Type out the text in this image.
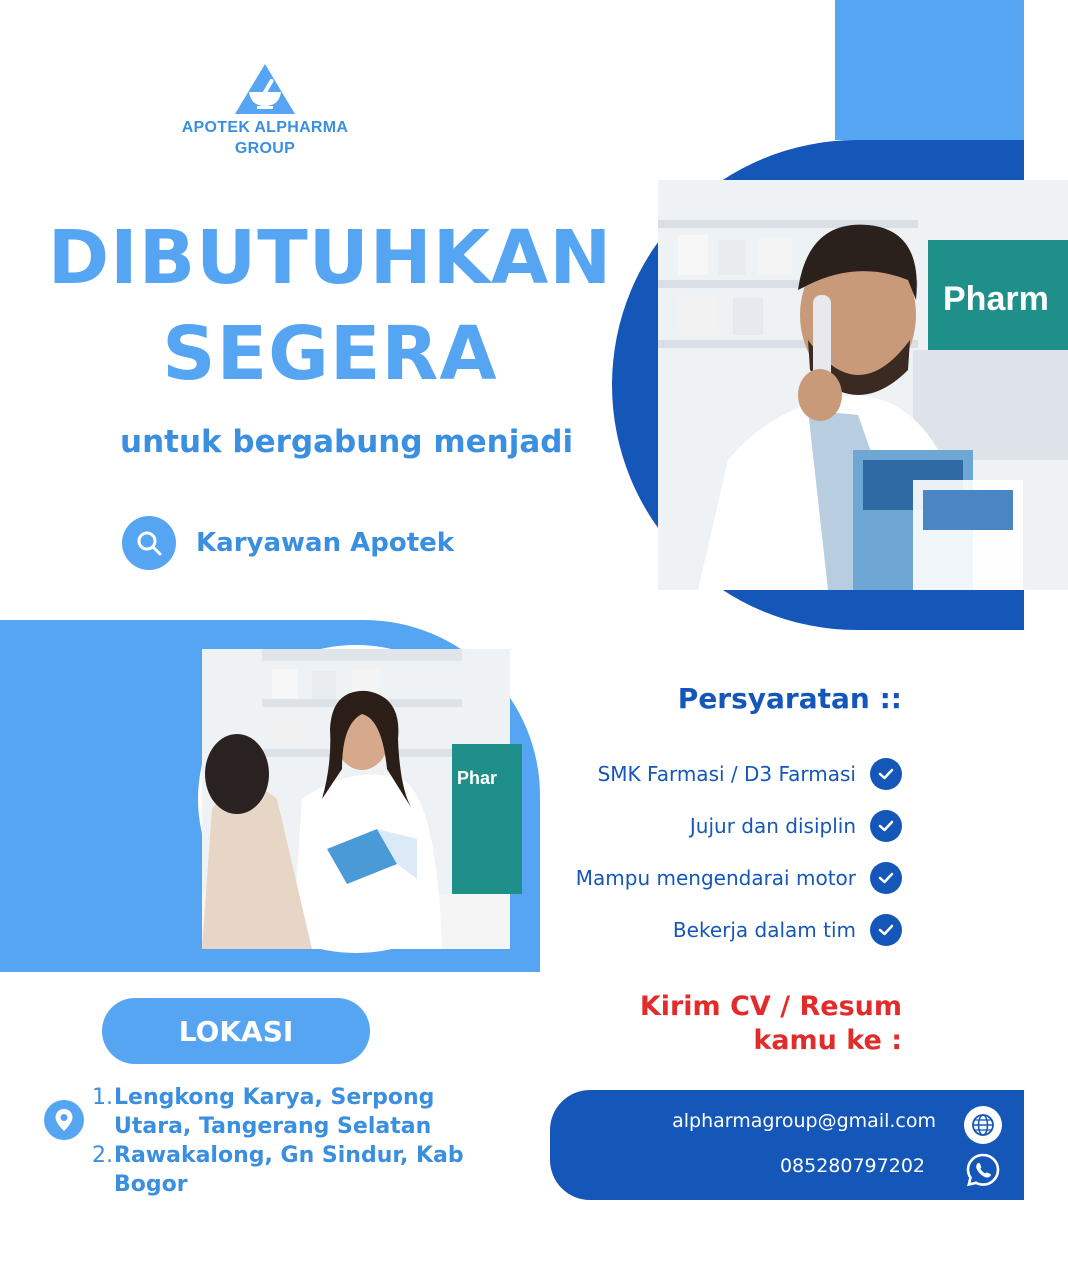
Pharm
Phar
APOTEK ALPHARMA
GROUP
DIBUTUHKAN
SEGERA
untuk bergabung menjadi
Karyawan Apotek
Persyaratan ::
SMK Farmasi / D3 Farmasi
Jujur dan disiplin
Mampu mengendarai motor
Bekerja dalam tim
Kirim CV / Resum
kamu ke :
LOKASI
1. Lengkong Karya, Serpong Utara, Tangerang Selatan
2. Rawakalong, Gn Sindur, Kab Bogor
alpharmagroup@gmail.com
085280797202
